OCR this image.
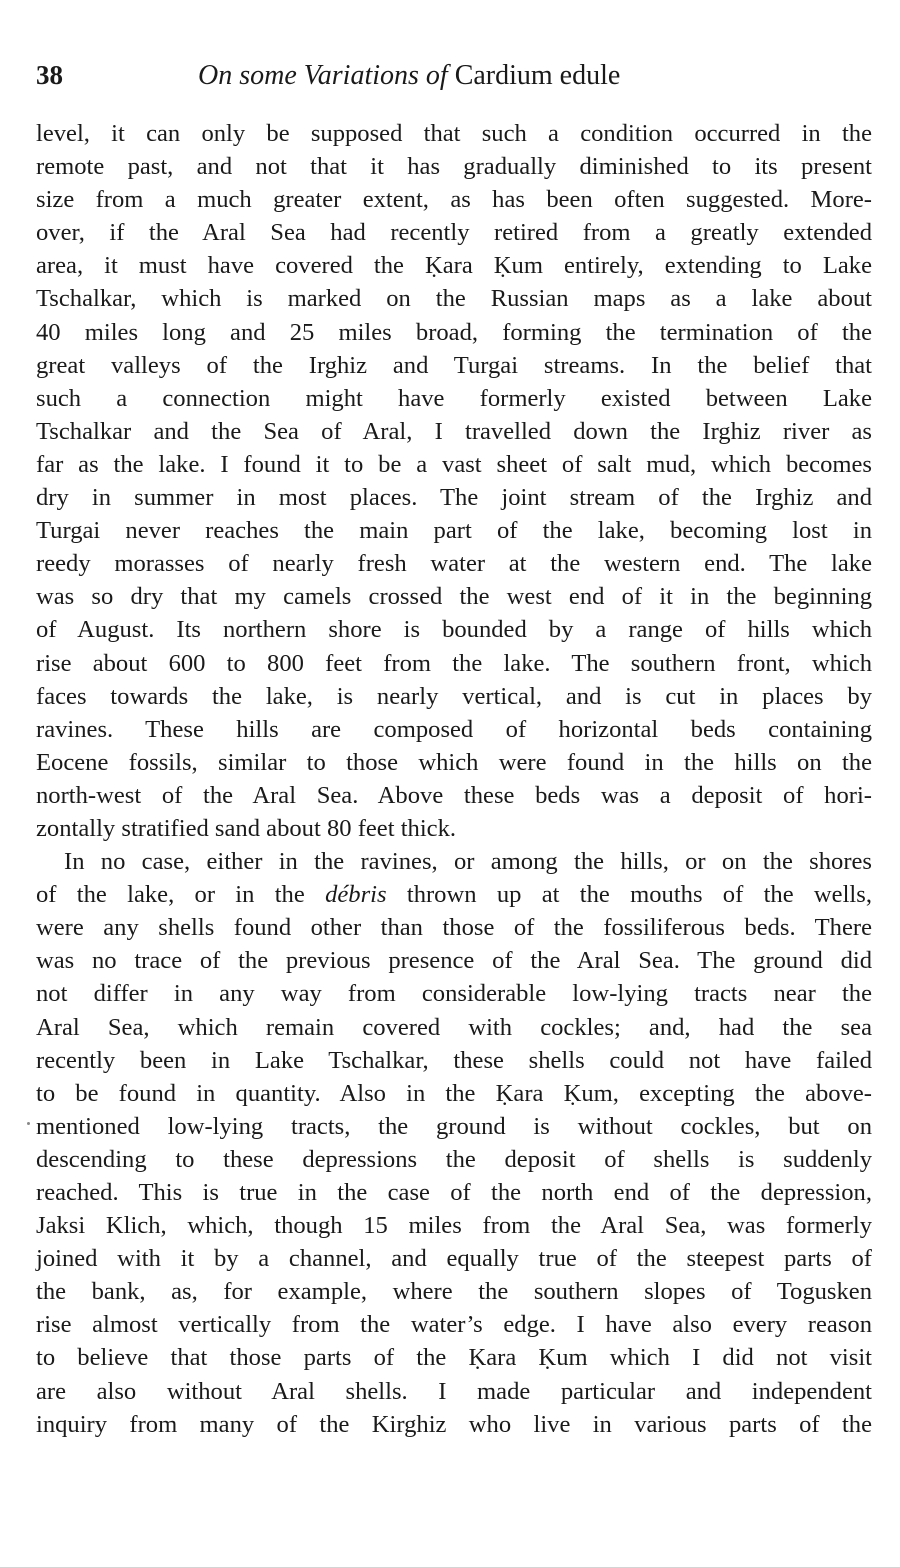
38	On some Variations of Cardium edule
level, it can only be supposed that such a condition occurred in the
remote past, and not that it has gradually diminished to its present
size from a much greater extent, as has been often suggested. More-
over, if the Aral Sea had recently retired from a greatly extended
area, it must have covered the Ḳara Ḳum entirely, extending to Lake
Tschalkar, which is marked on the Russian maps as a lake about
40 miles long and 25 miles broad, forming the termination of the
great valleys of the Irghiz and Turgai streams. In the belief that
such a connection might have formerly existed between Lake
Tschalkar and the Sea of Aral, I travelled down the Irghiz river as
far as the lake. I found it to be a vast sheet of salt mud, which becomes
dry in summer in most places. The joint stream of the Irghiz and
Turgai never reaches the main part of the lake, becoming lost in
reedy morasses of nearly fresh water at the western end. The lake
was so dry that my camels crossed the west end of it in the beginning
of August. Its northern shore is bounded by a range of hills which
rise about 600 to 800 feet from the lake. The southern front, which
faces towards the lake, is nearly vertical, and is cut in places by
ravines. These hills are composed of horizontal beds containing
Eocene fossils, similar to those which were found in the hills on the
north-west of the Aral Sea. Above these beds was a deposit of hori-
zontally stratified sand about 80 feet thick.
In no case, either in the ravines, or among the hills, or on the shores
of the lake, or in the débris thrown up at the mouths of the wells,
were any shells found other than those of the fossiliferous beds. There
was no trace of the previous presence of the Aral Sea. The ground did
not differ in any way from considerable low-lying tracts near the
Aral Sea, which remain covered with cockles; and, had the sea
recently been in Lake Tschalkar, these shells could not have failed
to be found in quantity. Also in the Ḳara Ḳum, excepting the above-
mentioned low-lying tracts, the ground is without cockles, but on
descending to these depressions the deposit of shells is suddenly
reached. This is true in the case of the north end of the depression,
Jaksi Klich, which, though 15 miles from the Aral Sea, was formerly
joined with it by a channel, and equally true of the steepest parts of
the bank, as, for example, where the southern slopes of Togusken
rise almost vertically from the water’s edge. I have also every reason
to believe that those parts of the Ḳara Ḳum which I did not visit
are also without Aral shells. I made particular and independent
inquiry from many of the Kirghiz who live in various parts of the
